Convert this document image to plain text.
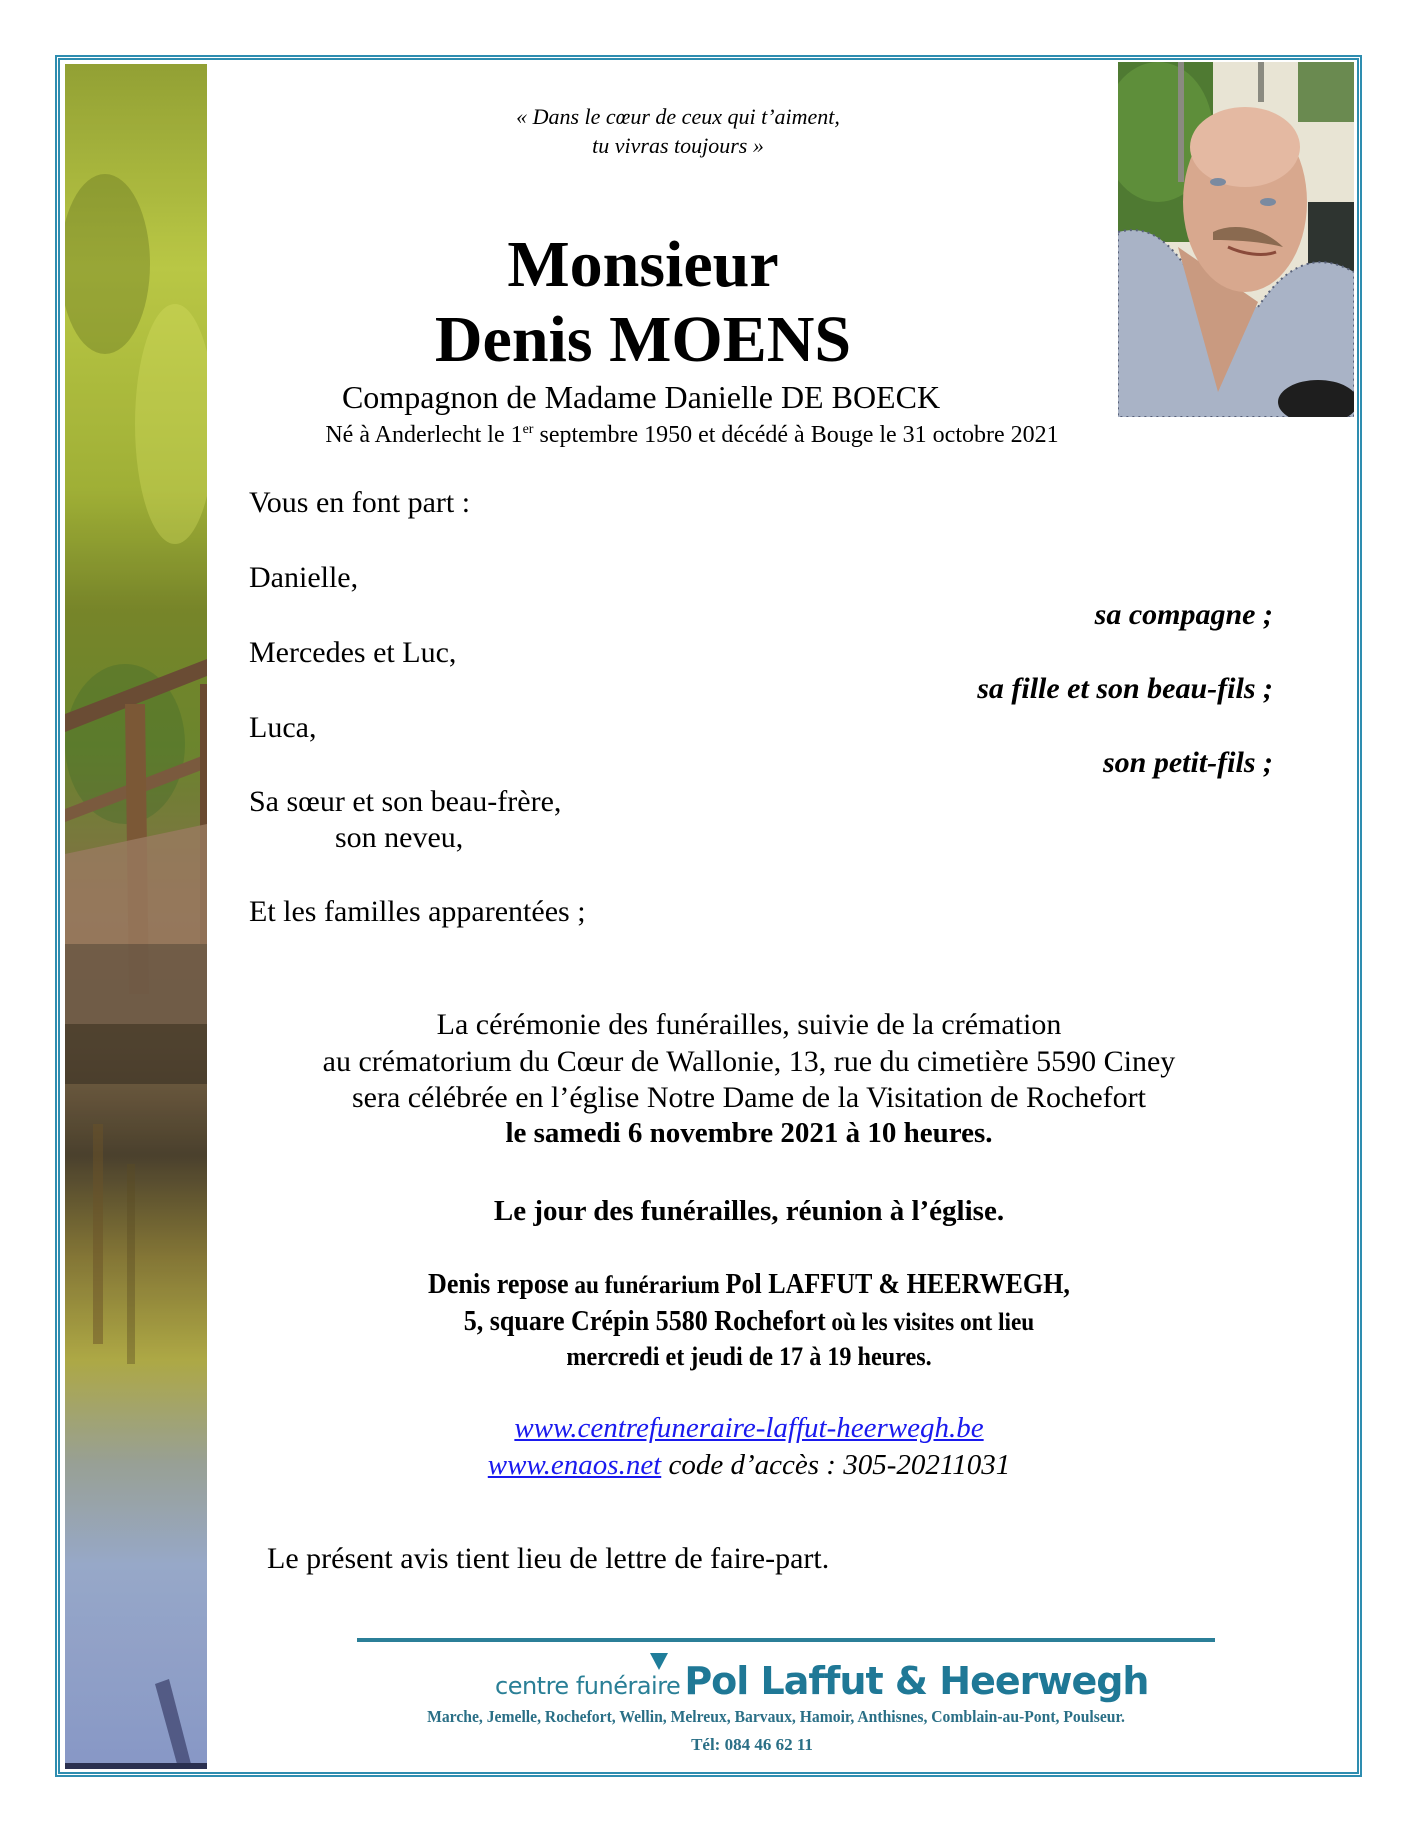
« Dans le cœur de ceux qui t’aiment,
tu vivras toujours »
Monsieur
Denis MOENS
Compagnon de Madame Danielle DE BOECK
Né à Anderlecht le 1er septembre 1950 et décédé à Bouge le 31 octobre 2021
Vous en font part :
Danielle,
sa compagne ;
Mercedes et Luc,
sa fille et son beau-fils ;
Luca,
son petit-fils ;
Sa sœur et son beau-frère,
son neveu,
Et les familles apparentées ;
La cérémonie des funérailles, suivie de la crémation
au crématorium du Cœur de Wallonie, 13, rue du cimetière 5590 Ciney
sera célébrée en l’église Notre Dame de la Visitation de Rochefort
le samedi 6 novembre 2021 à 10 heures.
Le jour des funérailles, réunion à l’église.
Denis repose au funérarium Pol LAFFUT & HEERWEGH,
5, square Crépin 5580 Rochefort où les visites ont lieu
mercredi et jeudi de 17 à 19 heures.
www.centrefuneraire-laffut-heerwegh.be
www.enaos.net code d’accès : 305-20211031
Le présent avis tient lieu de lettre de faire-part.
centre funéraire Pol Laffut & Heerwegh
Marche, Jemelle, Rochefort, Wellin, Melreux, Barvaux, Hamoir, Anthisnes, Comblain-au-Pont, Poulseur.
Tél: 084 46 62 11
